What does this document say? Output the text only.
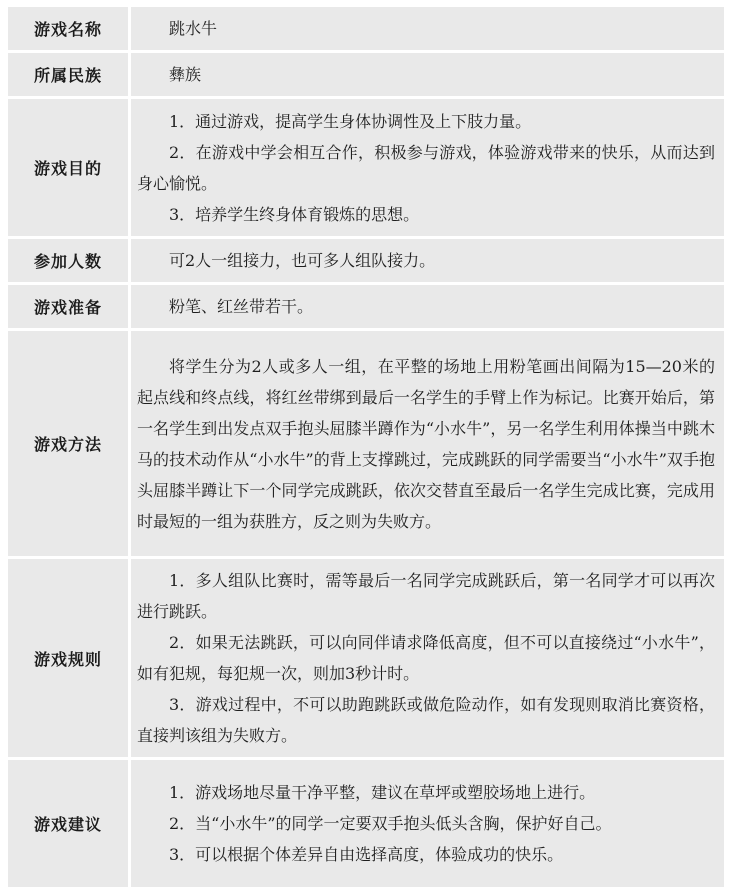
游戏名称	跳水牛

所属民族	彝族

游戏目的	1．通过游戏，提高学生身体协调性及上下肢力量。

2．在游戏中学会相互合作，积极参与游戏，体验游戏带来的快乐，从而达到身心愉悦。

3．培养学生终身体育锻炼的思想。

参加人数	可2人一组接力，也可多人组队接力。

游戏准备	粉笔、红丝带若干。

游戏方法	将学生分为2人或多人一组，在平整的场地上用粉笔画出间隔为15—20米的起点线和终点线，将红丝带绑到最后一名学生的手臂上作为标记。比赛开始后，第一名学生到出发点双手抱头屈膝半蹲作为“小水牛”，另一名学生利用体操当中跳木马的技术动作从“小水牛”的背上支撑跳过，完成跳跃的同学需要当“小水牛”双手抱头屈膝半蹲让下一个同学完成跳跃，依次交替直至最后一名学生完成比赛，完成用时最短的一组为获胜方，反之则为失败方。

游戏规则	1．多人组队比赛时，需等最后一名同学完成跳跃后，第一名同学才可以再次进行跳跃。

2．如果无法跳跃，可以向同伴请求降低高度，但不可以直接绕过“小水牛”，如有犯规，每犯规一次，则加3秒计时。

3．游戏过程中，不可以助跑跳跃或做危险动作，如有发现则取消比赛资格，直接判该组为失败方。

游戏建议	1．游戏场地尽量干净平整，建议在草坪或塑胶场地上进行。

2．当“小水牛”的同学一定要双手抱头低头含胸，保护好自己。

3．可以根据个体差异自由选择高度，体验成功的快乐。
